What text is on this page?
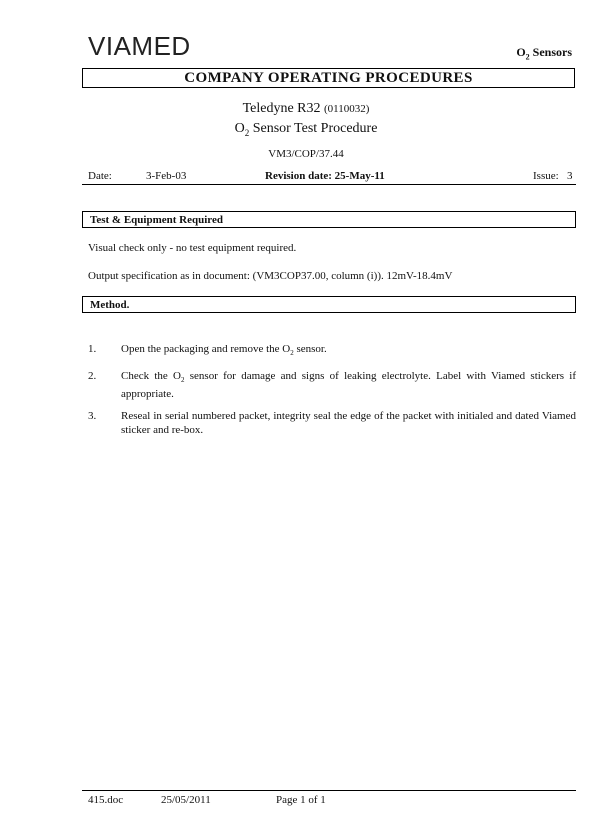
VIAMED	$O_2$ Sensors
COMPANY OPERATING PROCEDURES
Teledyne R32 (0110032)
$O_2$ Sensor Test Procedure
VM3/COP/37.44
Date:	3-Feb-03	Revision date: 25-May-11	Issue: 3
Test & Equipment Required
Visual check only - no test equipment required.
Output specification as in document: (VM3COP37.00, column (i)). 12mV-18.4mV
Method.
1. Open the packaging and remove the $O_2$ sensor.
2. Check the $O_2$ sensor for damage and signs of leaking electrolyte. Label with Viamed stickers if appropriate.
3. Reseal in serial numbered packet, integrity seal the edge of the packet with initialed and dated Viamed sticker and re-box.
415.doc	25/05/2011	Page 1 of 1
